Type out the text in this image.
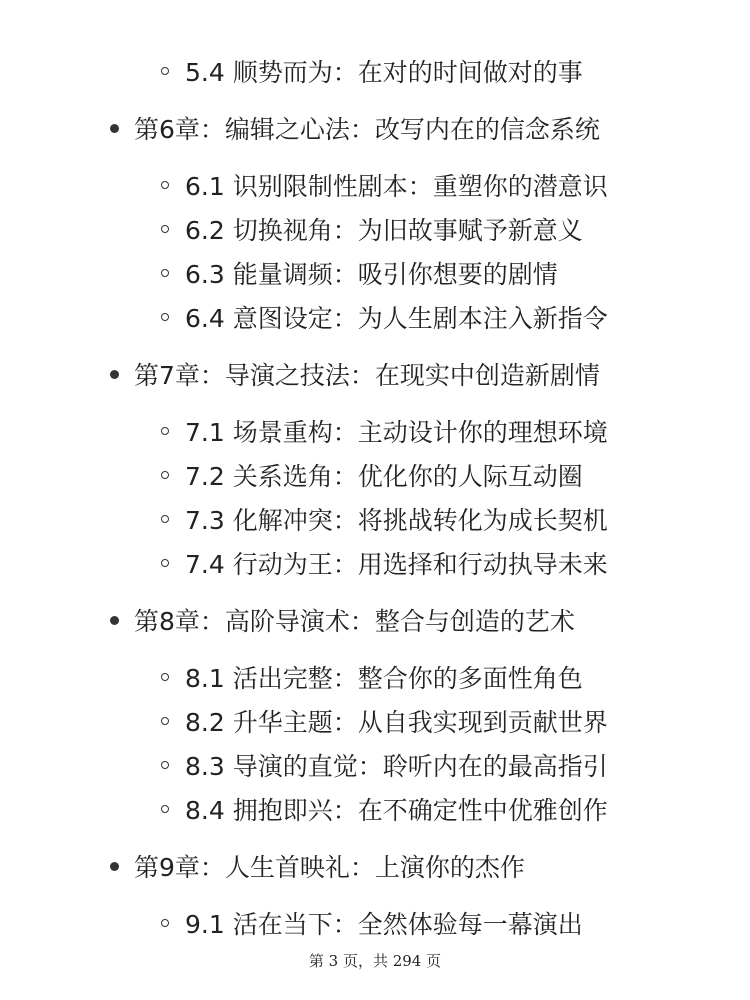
5.4 顺势而为：在对的时间做对的事
第6章：编辑之心法：改写内在的信念系统
6.1 识别限制性剧本：重塑你的潜意识
6.2 切换视角：为旧故事赋予新意义
6.3 能量调频：吸引你想要的剧情
6.4 意图设定：为人生剧本注入新指令
第7章：导演之技法：在现实中创造新剧情
7.1 场景重构：主动设计你的理想环境
7.2 关系选角：优化你的人际互动圈
7.3 化解冲突：将挑战转化为成长契机
7.4 行动为王：用选择和行动执导未来
第8章：高阶导演术：整合与创造的艺术
8.1 活出完整：整合你的多面性角色
8.2 升华主题：从自我实现到贡献世界
8.3 导演的直觉：聆听内在的最高指引
8.4 拥抱即兴：在不确定性中优雅创作
第9章：人生首映礼：上演你的杰作
9.1 活在当下：全然体验每一幕演出
第 3 页，共 294 页
